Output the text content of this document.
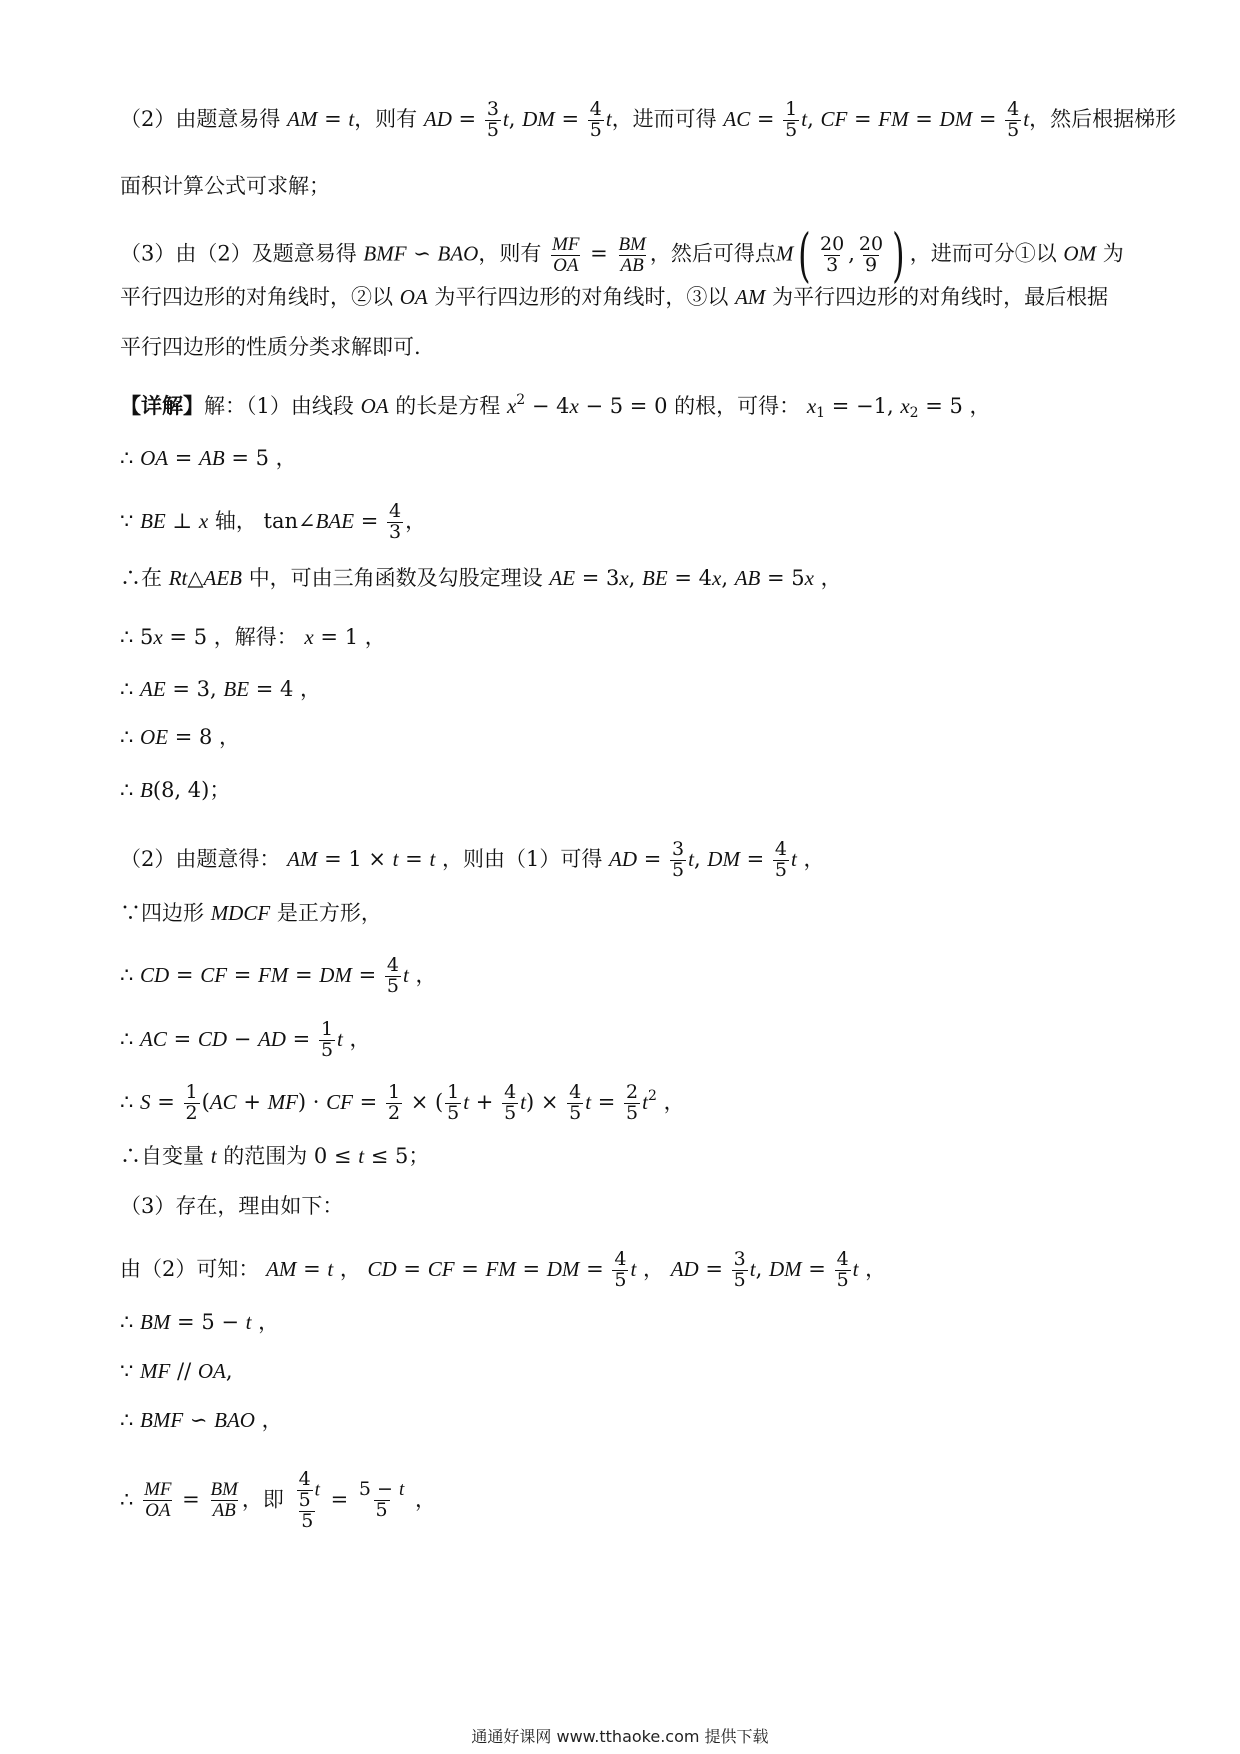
（2）由题意易得 AM = t，则有 AD = $\frac{3}{5} t$, DM = $\frac{4}{5}$ t，进而可得 AC = $\frac{1}{5} t$, CF = FM = DM = $\frac{4}{5}$ t，然后根据梯形
面积计算公式可求解；
（3）由（2）及题意易得 BMF ∽ BAO，则有 $\frac{MF}{OA} = \frac{BM}{AB}$ ，然后可得点$M( \frac{20}{3}$ , $\frac{20}{9}$ ) ，进而可分①以 OM 为
平行四边形的对角线时，②以 OA 为平行四边形的对角线时，③以 AM 为平行四边形的对角线时，最后根据
平行四边形的性质分类求解即可.
【详解】解：（1）由线段 OA 的长是方程 $x^2 - 4x - 5 = 0$ 的根，可得： $x_1 = -1$, $x_2 = 5$ ，
∴ OA = AB = 5 ，
∵ BE ⊥ x 轴， tan∠BAE = $\frac{4}{3}$ ，
∴在 Rt△AEB 中，可由三角函数及勾股定理设 AE = 3x, BE = 4x, AB = 5x ，
∴ 5x = 5 ，解得： x = 1 ，
∴ AE = 3, BE = 4 ，
∴ OE = 8 ，
∴ B(8, 4)；
（2）由题意得： AM = 1 × t = t ，则由（1）可得 AD = $\frac{3}{5} t$, DM = $\frac{4}{5}$ t ，
∵四边形 MDCF 是正方形，
∴ CD = CF = FM = DM = $\frac{4}{5}$ t ，
∴ AC = CD − AD = $\frac{1}{5}$ t ，
∴ $S = \frac{1}{2} (AC + MF)$ · CF = $\frac{1}{2}$ × ( $\frac{1}{5}$ $t + \frac{4}{5} t) \times \frac{4}{5}$ $t = \frac{2}{5} t^2$ ，
∴自变量 t 的范围为 0 ≤ t ≤ 5；
（3）存在，理由如下：
由（2）可知： AM = t ， CD = CF = FM = DM = $\frac{4}{5}$ t ， AD = $\frac{3}{5} t$, DM = $\frac{4}{5}$ t ，
∴ BM = 5 − t ，
∵ MF // OA,
∴ BMF ∽ BAO ，
∴ $\frac{MF}{OA} = \frac{BM}{AB}$ ，即 $\frac{\frac{4}{5} t}{5} = \frac{5 - t}{5}$ ，
通通好课网 www.tthaoke.com 提供下载
